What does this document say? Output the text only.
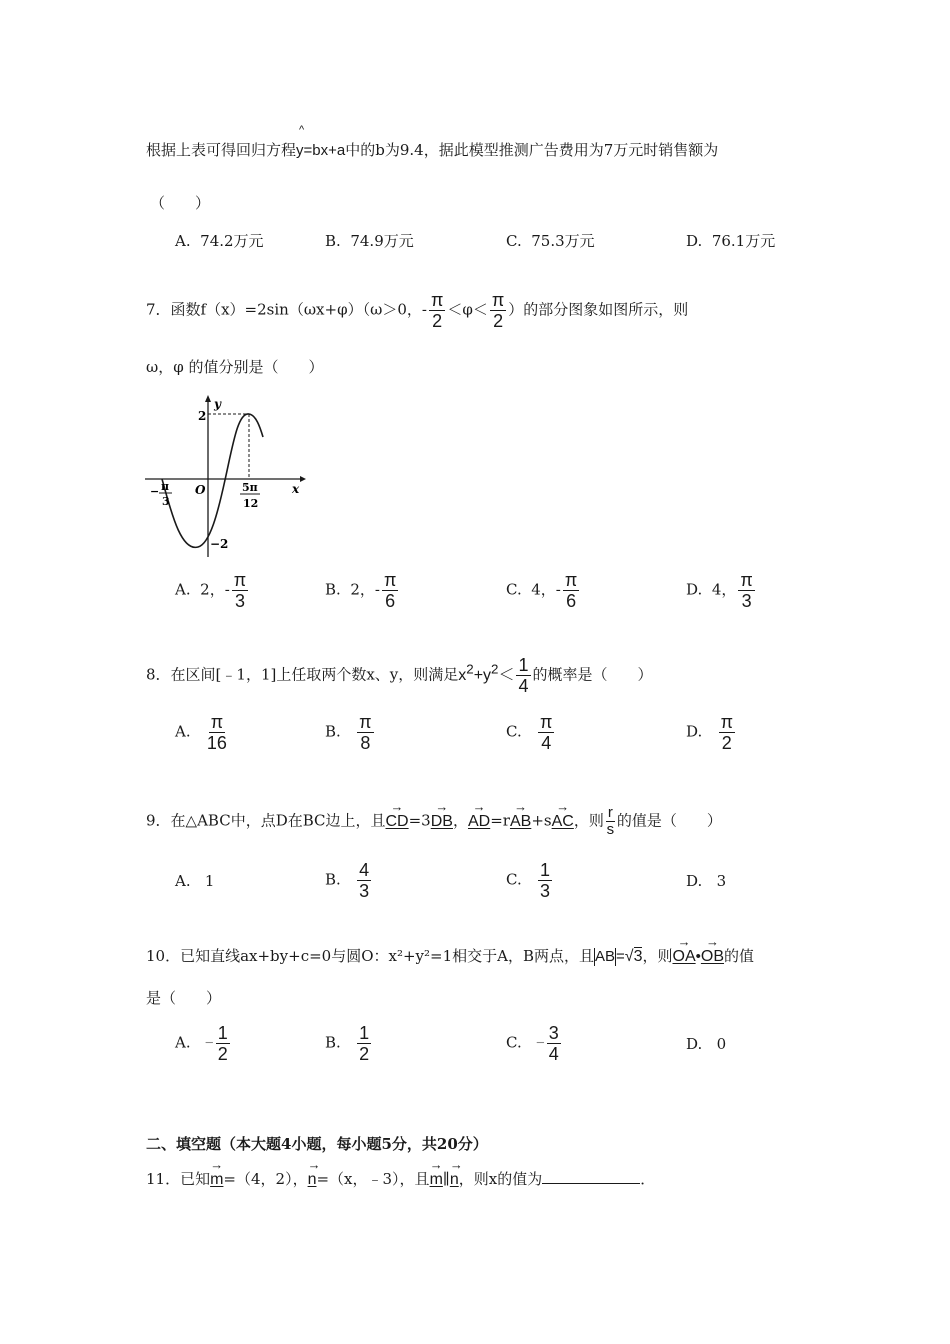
根据上表可得回归方程
^
y=bx+a中的b为9.4，据此模型推测广告费用为7万元时销售额为
（　　）
A. 74.2万元	B. 74.9万元	C. 75.3万元	D. 76.1万元
7．函数f（x）=2sin（ωx+φ）（ω＞0，- $\frac{\pi}{2} <\varphi< \frac{\pi}{2}$ ）的部分图象如图所示，则
ω，φ 的值分别是（　　）
y
x
O
2
−2
− π
3
5π
12
A. 2，- $\frac{\pi}{3}$	B. 2，- $\frac{\pi}{6}$	C. 4，- $\frac{\pi}{6}$	D. 4， $\frac{\pi}{3}$
8．在区间[﹣1，1]上任取两个数x、y，则满足$x^2+y^2< \frac{1}{4}$ 的概率是（　　）
A. $\frac{\pi}{16}$	B. $\frac{\pi}{8}$	C. $\frac{\pi}{4}$	D. $\frac{\pi}{2}$
9．在△ABC中，点D在BC边上，且→ CD=3→ DB，→ AD=r→ AB+s→ AC，则 $\frac{r}{s}$ 的值是（　　）
A. 1	B. $\frac{4}{3}$	C. $\frac{1}{3}$	D. 3
10．已知直线ax+by+c=0与圆O：x²+y²=1相交于A，B两点，且AB=√3，则→ OA•→ OB的值
是（　　）
A. − $\frac{1}{2}$	B. $\frac{1}{2}$	C. − $\frac{3}{4}$	D. 0
二、填空题（本大题4小题，每小题5分，共20分）
11．已知→ m=（4，2），→ n=（x，﹣3），且→ m∥→ n，则x的值为	．
